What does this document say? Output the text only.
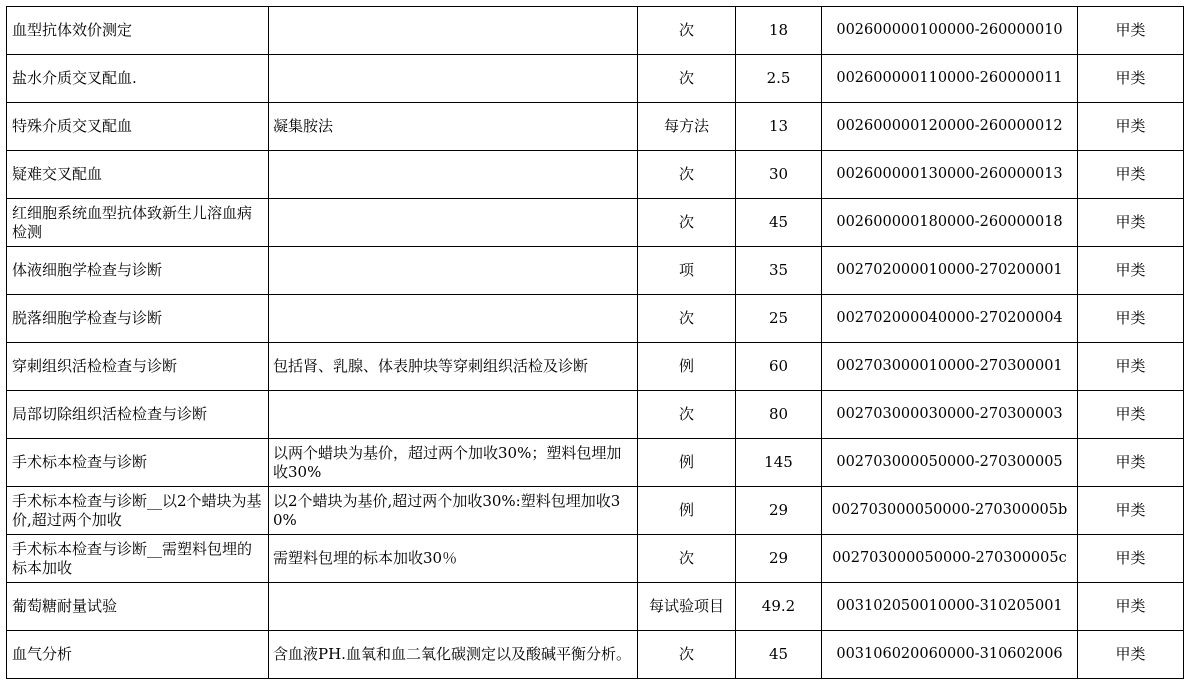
血型抗体效价测定		次	18	002600000100000-260000010	甲类
盐水介质交叉配血.		次	2.5	002600000110000-260000011	甲类
特殊介质交叉配血	凝集胺法	每方法	13	002600000120000-260000012	甲类
疑难交叉配血		次	30	002600000130000-260000013	甲类
红细胞系统血型抗体致新生儿溶血病检测		次	45	002600000180000-260000018	甲类
体液细胞学检查与诊断		项	35	002702000010000-270200001	甲类
脱落细胞学检查与诊断		次	25	002702000040000-270200004	甲类
穿刺组织活检检查与诊断	包括肾、乳腺、体表肿块等穿刺组织活检及诊断	例	60	002703000010000-270300001	甲类
局部切除组织活检检查与诊断		次	80	002703000030000-270300003	甲类
手术标本检查与诊断	以两个蜡块为基价，超过两个加收30%；塑料包埋加收30%	例	145	002703000050000-270300005	甲类
手术标本检查与诊断__以2个蜡块为基价,超过两个加收	以2个蜡块为基价,超过两个加收30%:塑料包埋加收30%	例	29	002703000050000-270300005b	甲类
手术标本检查与诊断__需塑料包埋的标本加收	需塑料包埋的标本加收30％	次	29	002703000050000-270300005c	甲类
葡萄糖耐量试验		每试验项目	49.2	003102050010000-310205001	甲类
血气分析	含血液PH.血氧和血二氧化碳测定以及酸碱平衡分析。	次	45	003106020060000-310602006	甲类
